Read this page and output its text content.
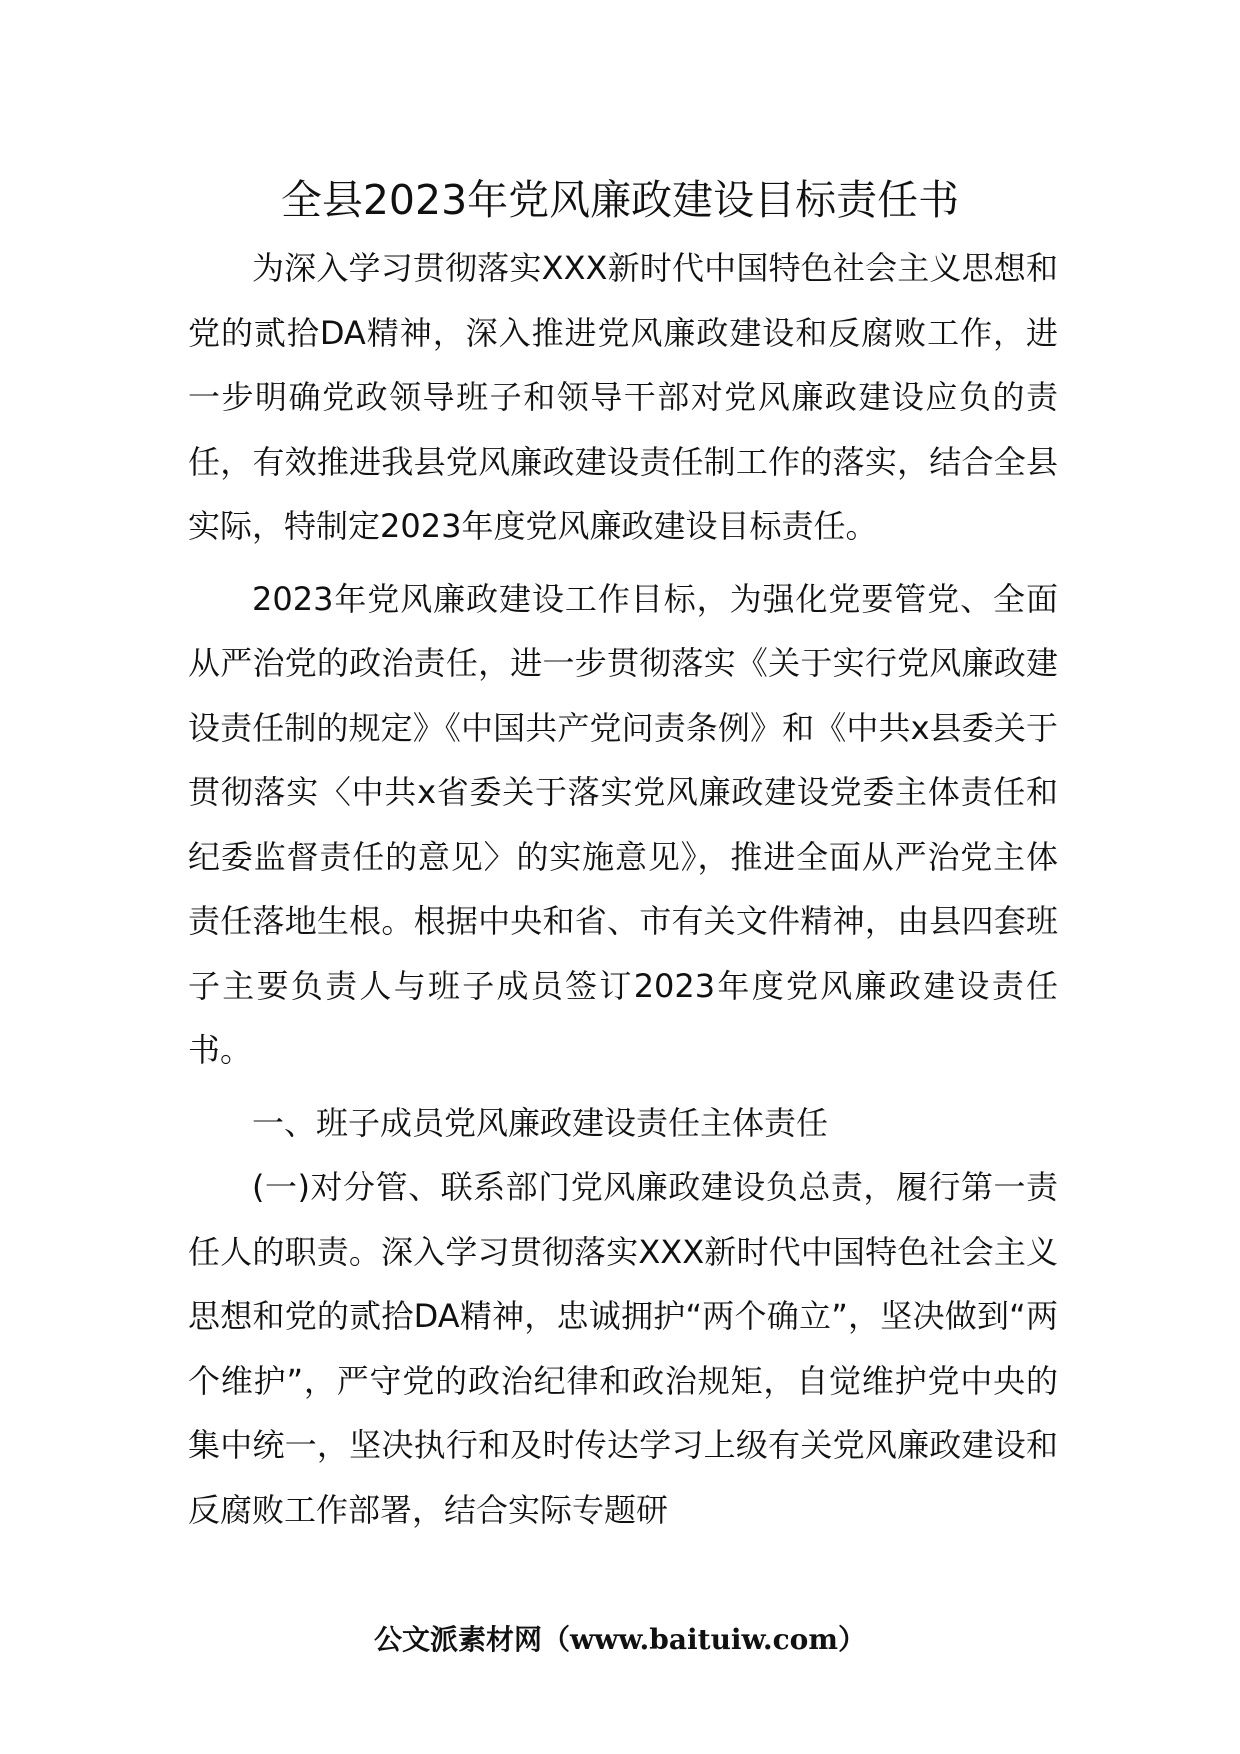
全县2023年党风廉政建设目标责任书

为深入学习贯彻落实XXX新时代中国特色社会主义思想和党的贰拾DA精神，深入推进党风廉政建设和反腐败工作，进一步明确党政领导班子和领导干部对党风廉政建设应负的责任，有效推进我县党风廉政建设责任制工作的落实，结合全县实际，特制定2023年度党风廉政建设目标责任。

2023年党风廉政建设工作目标，为强化党要管党、全面从严治党的政治责任，进一步贯彻落实《关于实行党风廉政建设责任制的规定》《中国共产党问责条例》和《中共x县委关于贯彻落实〈中共x省委关于落实党风廉政建设党委主体责任和纪委监督责任的意见〉的实施意见》，推进全面从严治党主体责任落地生根。根据中央和省、市有关文件精神，由县四套班子主要负责人与班子成员签订2023年度党风廉政建设责任书。

一、班子成员党风廉政建设责任主体责任

(一)对分管、联系部门党风廉政建设负总责，履行第一责任人的职责。深入学习贯彻落实XXX新时代中国特色社会主义思想和党的贰拾DA精神，忠诚拥护“两个确立”，坚决做到“两个维护”，严守党的政治纪律和政治规矩，自觉维护党中央的集中统一，坚决执行和及时传达学习上级有关党风廉政建设和反腐败工作部署，结合实际专题研

公文派素材网（www.baituiw.com）
